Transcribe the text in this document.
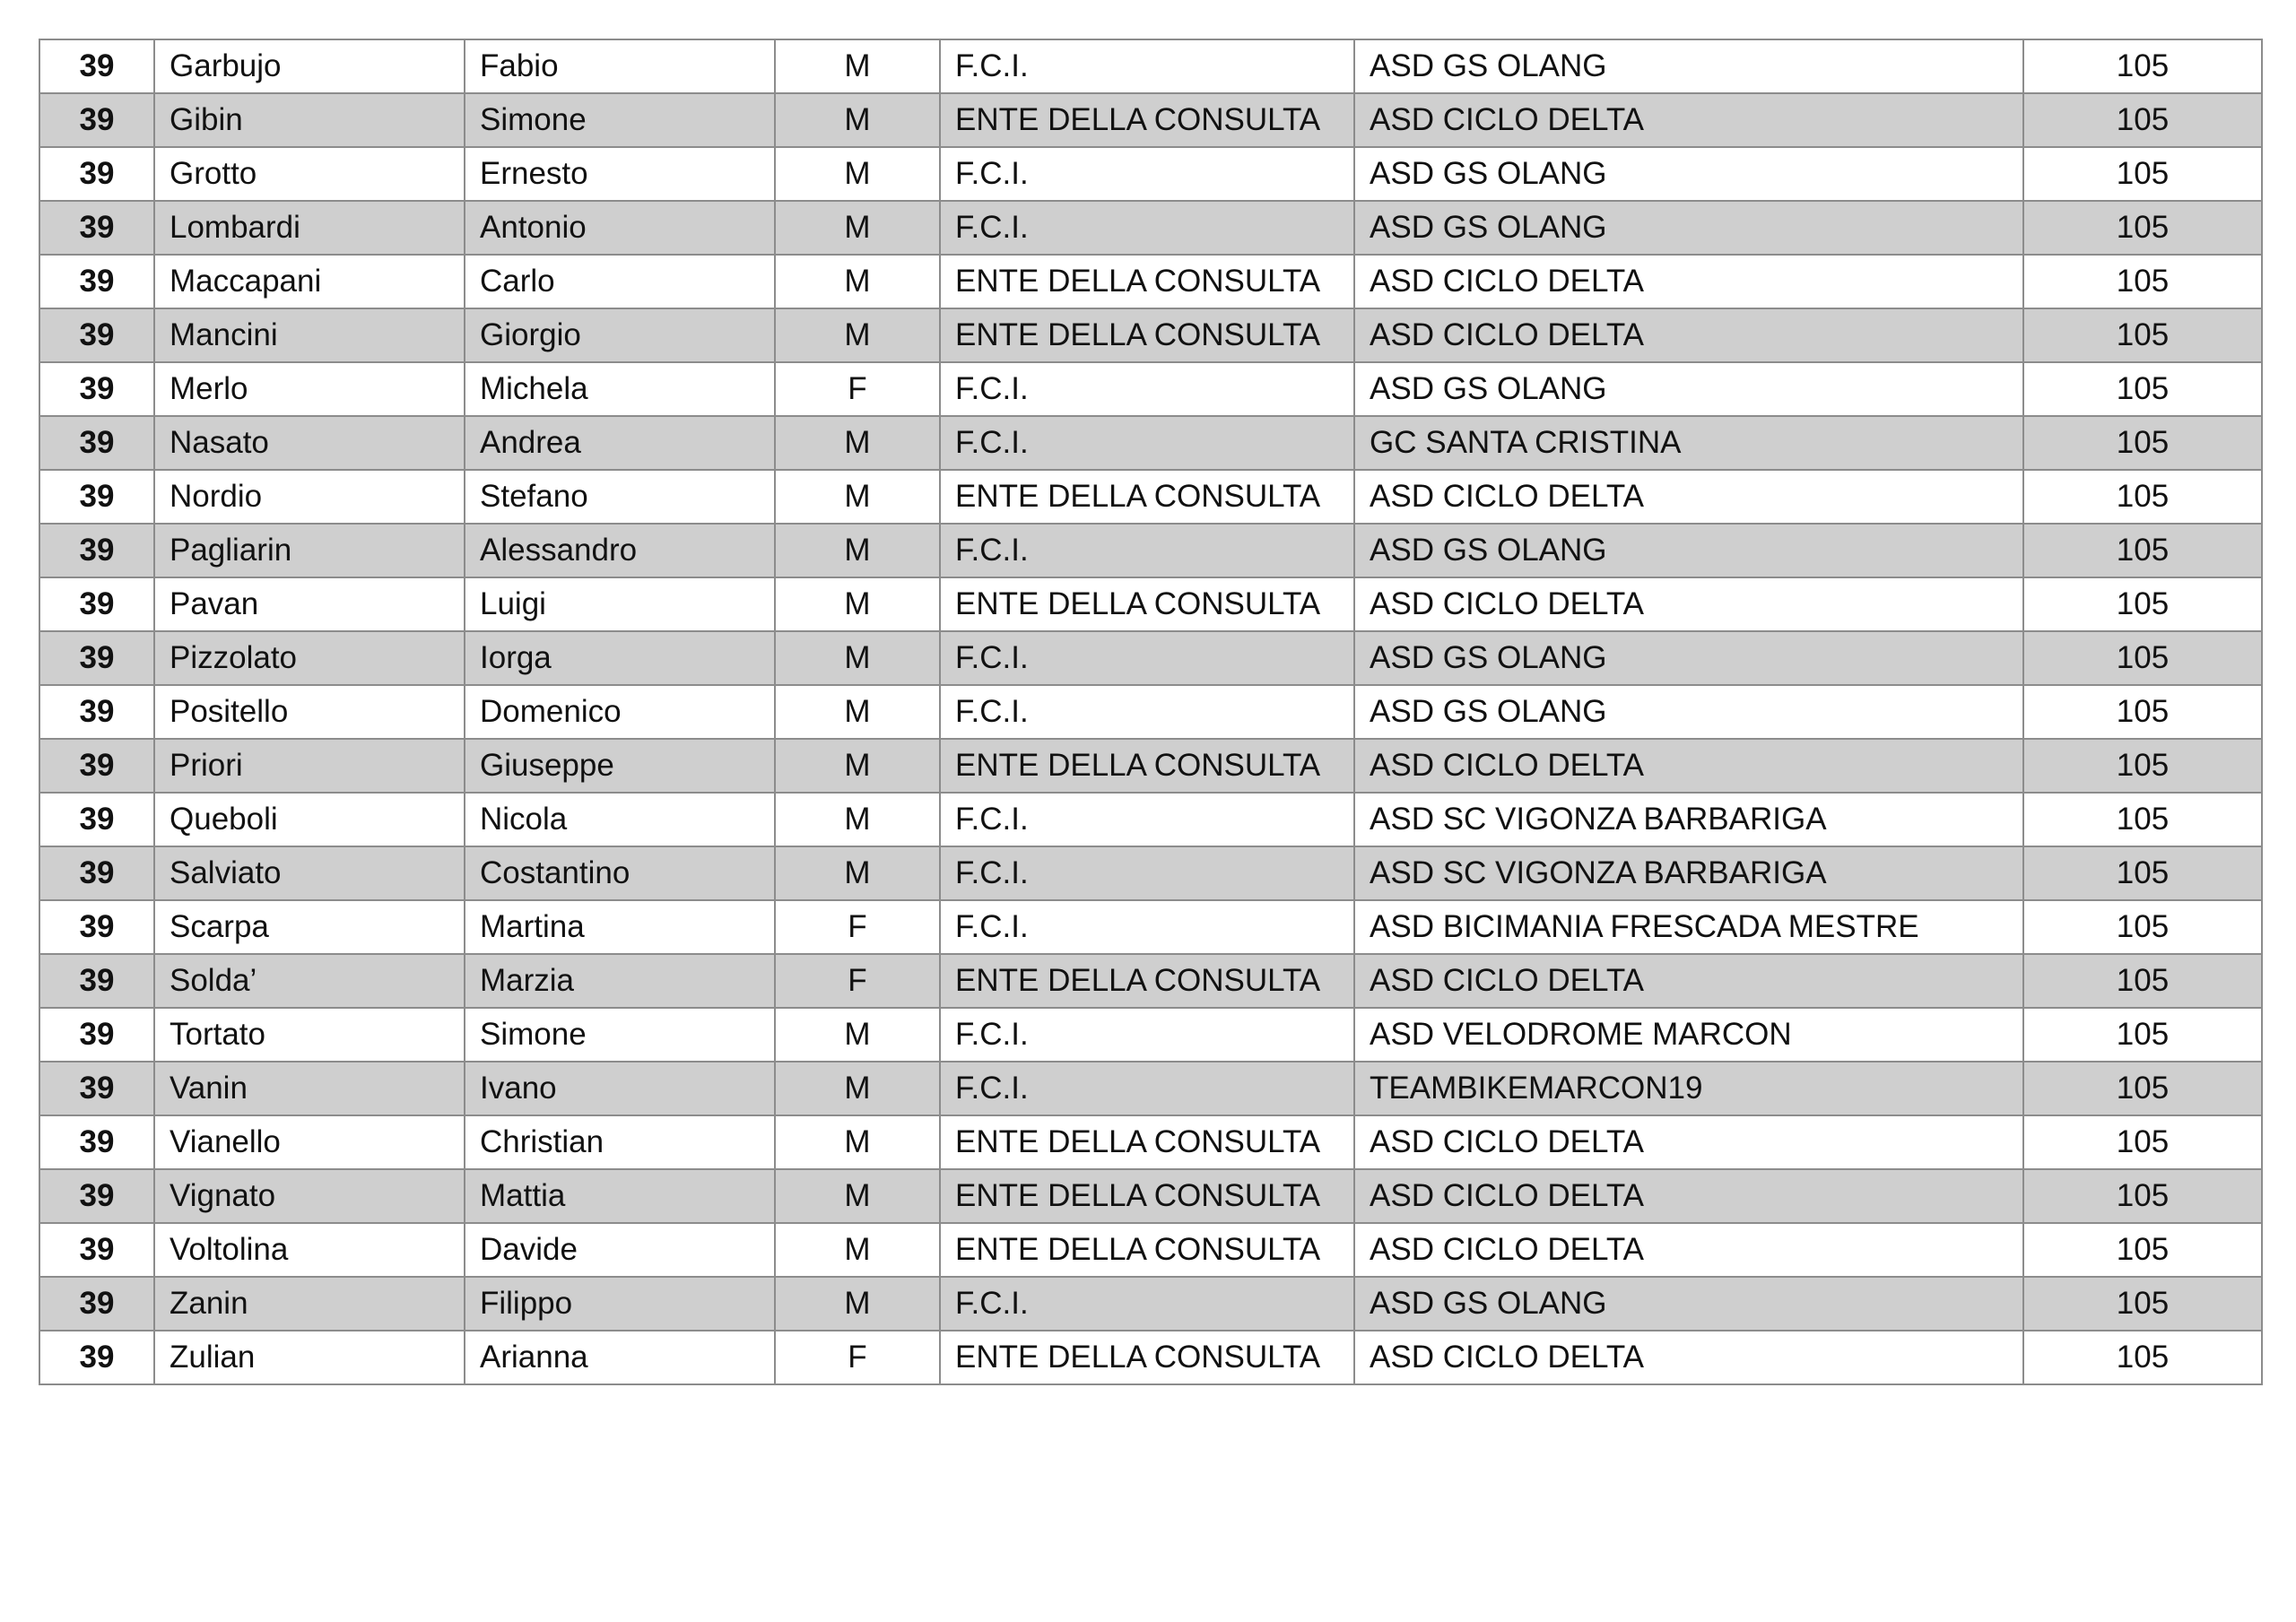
39	Garbujo	Fabio	M	F.C.I.	ASD GS OLANG	105
39	Gibin	Simone	M	ENTE DELLA CONSULTA	ASD CICLO DELTA	105
39	Grotto	Ernesto	M	F.C.I.	ASD GS OLANG	105
39	Lombardi	Antonio	M	F.C.I.	ASD GS OLANG	105
39	Maccapani	Carlo	M	ENTE DELLA CONSULTA	ASD CICLO DELTA	105
39	Mancini	Giorgio	M	ENTE DELLA CONSULTA	ASD CICLO DELTA	105
39	Merlo	Michela	F	F.C.I.	ASD GS OLANG	105
39	Nasato	Andrea	M	F.C.I.	GC SANTA CRISTINA	105
39	Nordio	Stefano	M	ENTE DELLA CONSULTA	ASD CICLO DELTA	105
39	Pagliarin	Alessandro	M	F.C.I.	ASD GS OLANG	105
39	Pavan	Luigi	M	ENTE DELLA CONSULTA	ASD CICLO DELTA	105
39	Pizzolato	Iorga	M	F.C.I.	ASD GS OLANG	105
39	Positello	Domenico	M	F.C.I.	ASD GS OLANG	105
39	Priori	Giuseppe	M	ENTE DELLA CONSULTA	ASD CICLO DELTA	105
39	Queboli	Nicola	M	F.C.I.	ASD SC VIGONZA BARBARIGA	105
39	Salviato	Costantino	M	F.C.I.	ASD SC VIGONZA BARBARIGA	105
39	Scarpa	Martina	F	F.C.I.	ASD BICIMANIA FRESCADA MESTRE	105
39	Solda’	Marzia	F	ENTE DELLA CONSULTA	ASD CICLO DELTA	105
39	Tortato	Simone	M	F.C.I.	ASD VELODROME MARCON	105
39	Vanin	Ivano	M	F.C.I.	TEAMBIKEMARCON19	105
39	Vianello	Christian	M	ENTE DELLA CONSULTA	ASD CICLO DELTA	105
39	Vignato	Mattia	M	ENTE DELLA CONSULTA	ASD CICLO DELTA	105
39	Voltolina	Davide	M	ENTE DELLA CONSULTA	ASD CICLO DELTA	105
39	Zanin	Filippo	M	F.C.I.	ASD GS OLANG	105
39	Zulian	Arianna	F	ENTE DELLA CONSULTA	ASD CICLO DELTA	105
